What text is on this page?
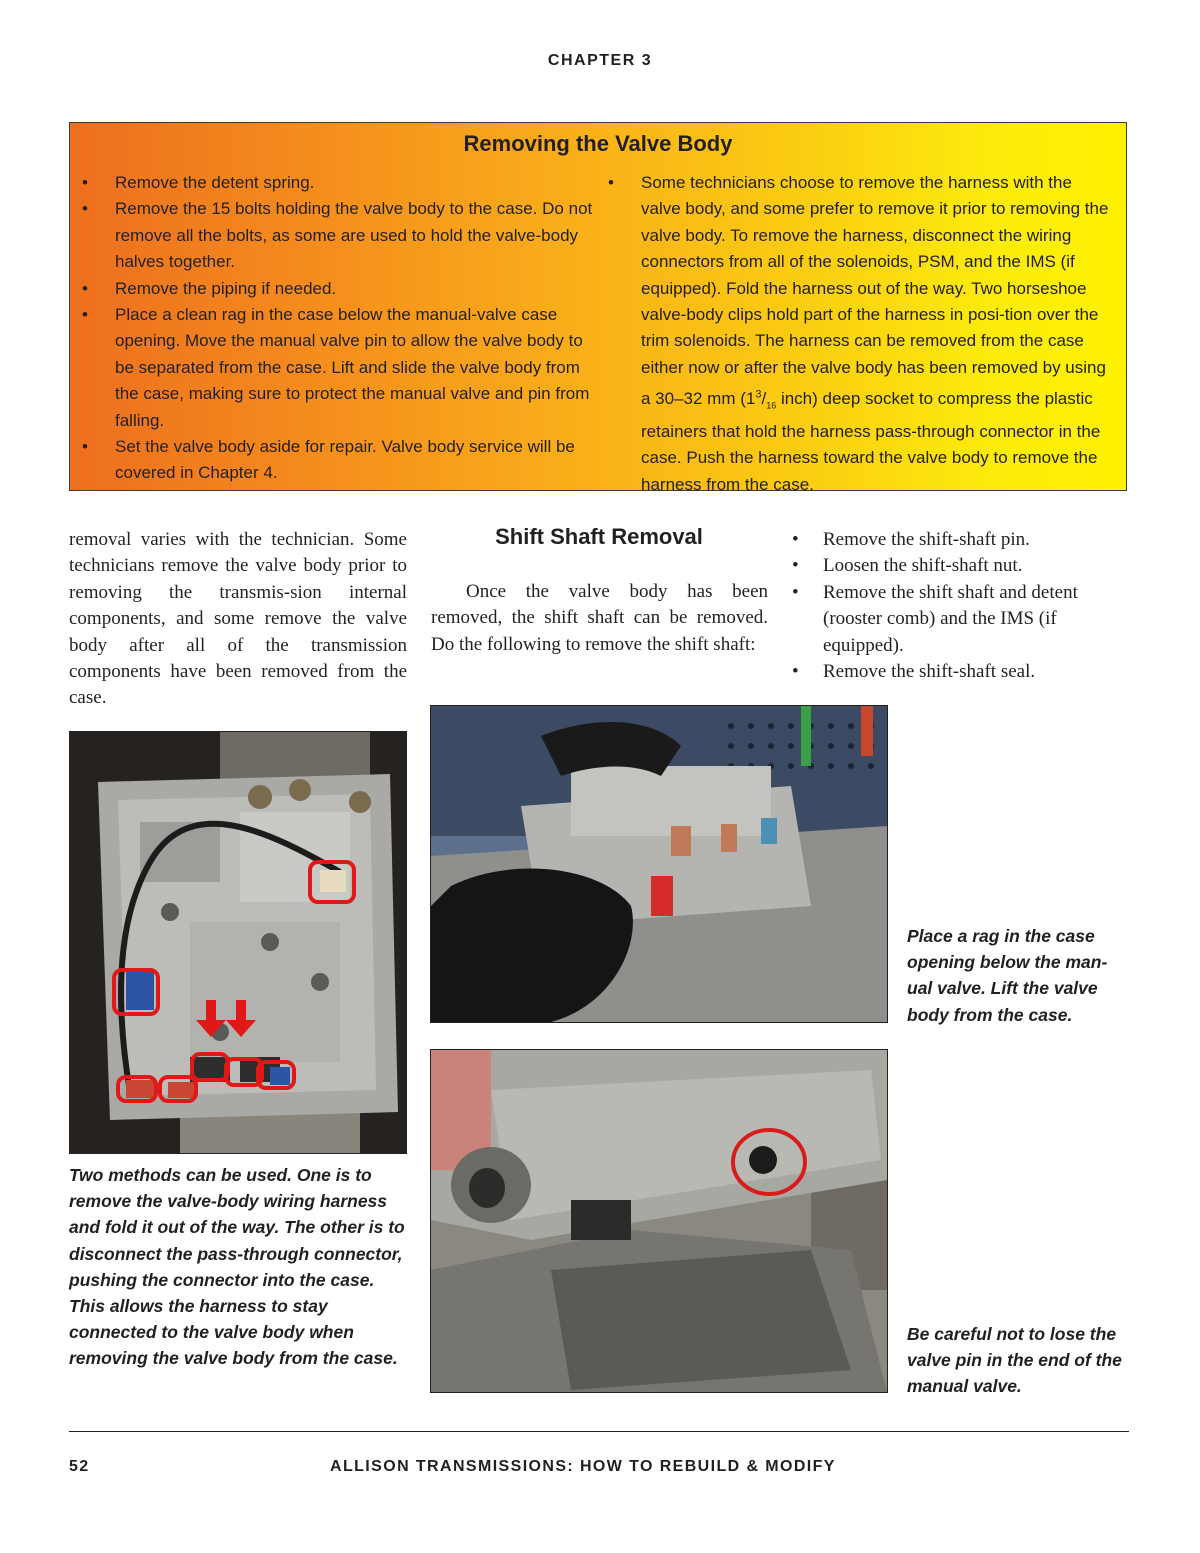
CHAPTER 3
Removing the Valve Body
• Remove the detent spring.
• Remove the 15 bolts holding the valve body to the case. Do not remove all the bolts, as some are used to hold the valve-body halves together.
• Remove the piping if needed.
• Place a clean rag in the case below the manual-valve case opening. Move the manual valve pin to allow the valve body to be separated from the case. Lift and slide the valve body from the case, making sure to protect the manual valve and pin from falling.
• Set the valve body aside for repair. Valve body service will be covered in Chapter 4.
• Some technicians choose to remove the harness with the valve body, and some prefer to remove it prior to removing the valve body. To remove the harness, disconnect the wiring connectors from all of the solenoids, PSM, and the IMS (if equipped). Fold the harness out of the way. Two horseshoe valve-body clips hold part of the harness in posi-tion over the trim solenoids. The harness can be removed from the case either now or after the valve body has been removed by using a 30–32 mm ($1^3/_{16}$ inch) deep socket to compress the plastic retainers that hold the harness pass-through connector in the case. Push the harness toward the valve body to remove the harness from the case.
removal varies with the technician. Some technicians remove the valve body prior to removing the transmis-sion internal components, and some remove the valve body after all of the transmission components have been removed from the case.
Shift Shaft Removal
Once the valve body has been removed, the shift shaft can be removed. Do the following to remove the shift shaft:
• Remove the shift-shaft pin.
• Loosen the shift-shaft nut.
• Remove the shift shaft and detent (rooster comb) and the IMS (if equipped).
• Remove the shift-shaft seal.
Two methods can be used. One is to remove the valve-body wiring harness and fold it out of the way. The other is to disconnect the pass-through connector, pushing the connector into the case. This allows the harness to stay connected to the valve body when removing the valve body from the case.
Place a rag in the case opening below the man-ual valve. Lift the valve body from the case.
Be careful not to lose the valve pin in the end of the manual valve.
52	ALLISON TRANSMISSIONS: HOW TO REBUILD & MODIFY
